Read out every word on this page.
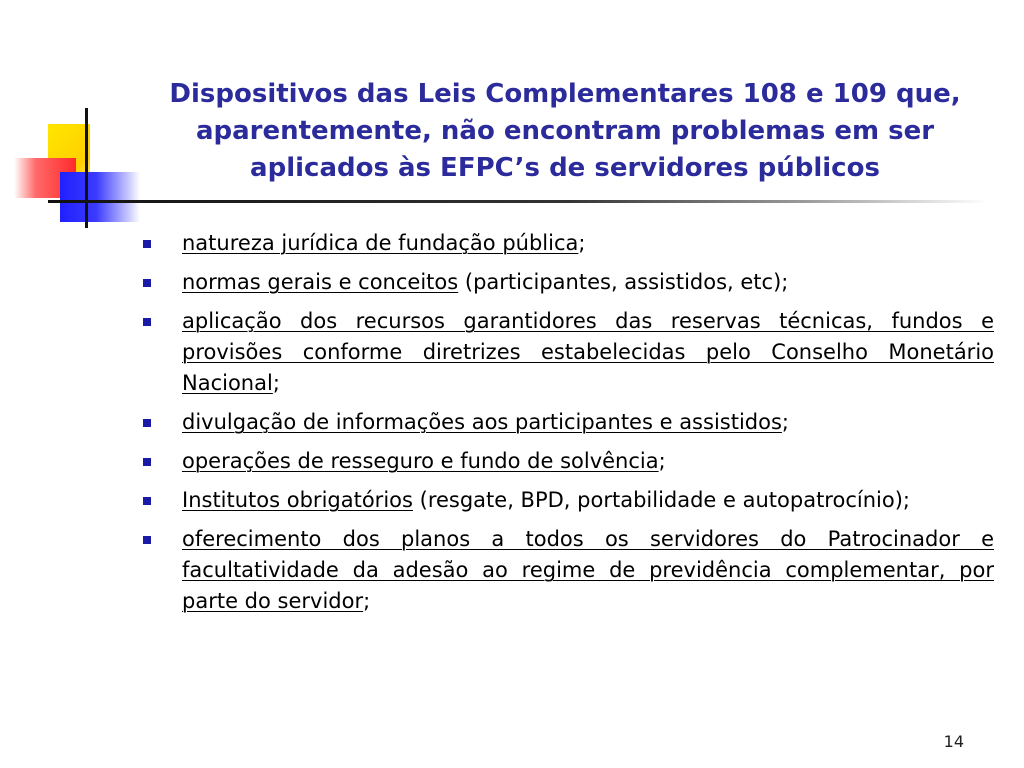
Dispositivos das Leis Complementares 108 e 109 que,
aparentemente, não encontram problemas em ser
aplicados às EFPC’s de servidores públicos
natureza jurídica de fundação pública;
normas gerais e conceitos (participantes, assistidos, etc);
aplicação dos recursos garantidores das reservas técnicas, fundos e provisões conforme diretrizes estabelecidas pelo Conselho Monetário Nacional;
divulgação de informações aos participantes e assistidos;
operações de resseguro e fundo de solvência;
Institutos obrigatórios (resgate, BPD, portabilidade e autopatrocínio);
oferecimento dos planos a todos os servidores do Patrocinador e facultatividade da adesão ao regime de previdência complementar, por parte do servidor;
14
